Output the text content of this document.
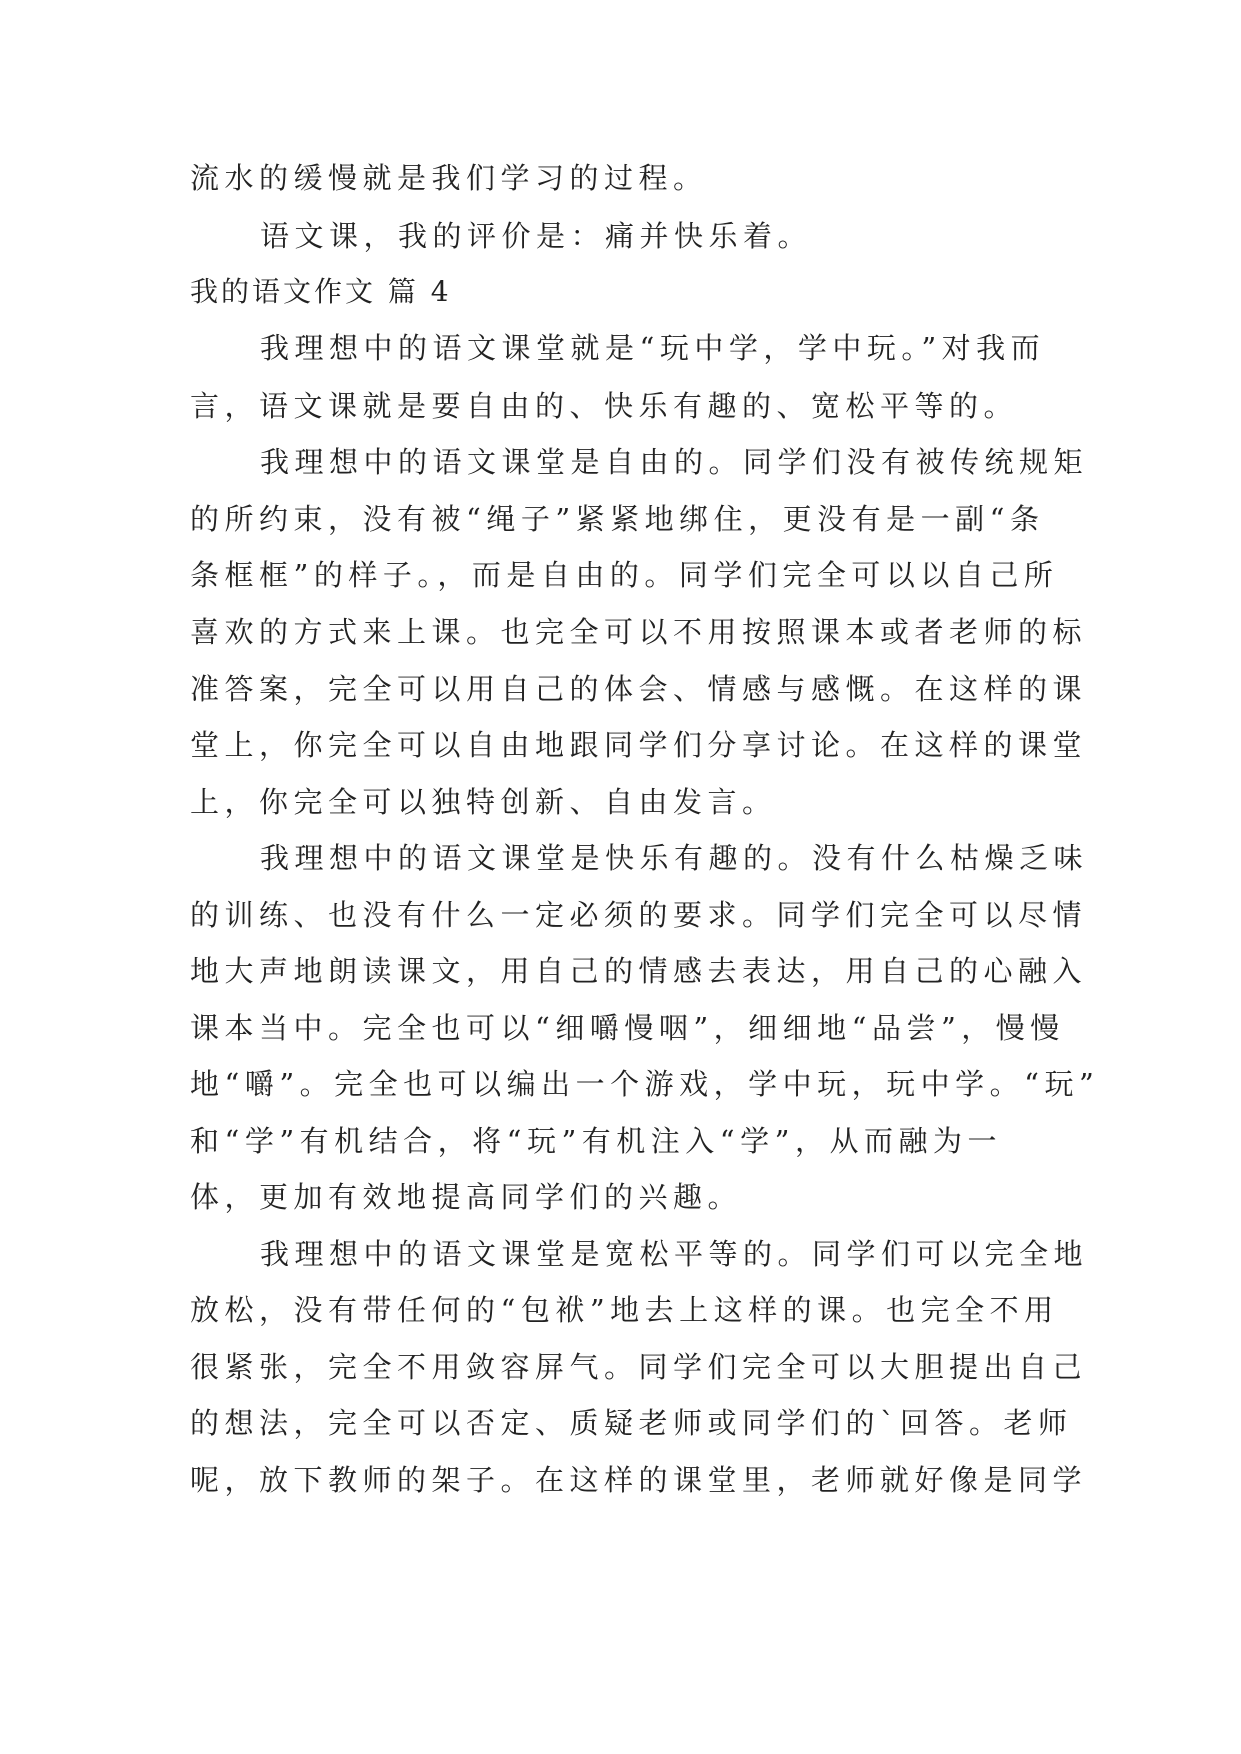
流水的缓慢就是我们学习的过程。
语文课，我的评价是：痛并快乐着。
我的语文作文 篇 4
我理想中的语文课堂就是“玩中学，学中玩。”对我而
言，语文课就是要自由的、快乐有趣的、宽松平等的。
我理想中的语文课堂是自由的。同学们没有被传统规矩
的所约束，没有被“绳子”紧紧地绑住，更没有是一副“条
条框框”的样子。，而是自由的。同学们完全可以以自己所
喜欢的方式来上课。也完全可以不用按照课本或者老师的标
准答案，完全可以用自己的体会、情感与感慨。在这样的课
堂上，你完全可以自由地跟同学们分享讨论。在这样的课堂
上，你完全可以独特创新、自由发言。
我理想中的语文课堂是快乐有趣的。没有什么枯燥乏味
的训练、也没有什么一定必须的要求。同学们完全可以尽情
地大声地朗读课文，用自己的情感去表达，用自己的心融入
课本当中。完全也可以“细嚼慢咽”，细细地“品尝”，慢慢
地“嚼”。完全也可以编出一个游戏，学中玩，玩中学。“玩”
和“学”有机结合，将“玩”有机注入“学”，从而融为一
体，更加有效地提高同学们的兴趣。
我理想中的语文课堂是宽松平等的。同学们可以完全地
放松，没有带任何的“包袱”地去上这样的课。也完全不用
很紧张，完全不用敛容屏气。同学们完全可以大胆提出自己
的想法，完全可以否定、质疑老师或同学们的`回答。老师
呢，放下教师的架子。在这样的课堂里，老师就好像是同学
